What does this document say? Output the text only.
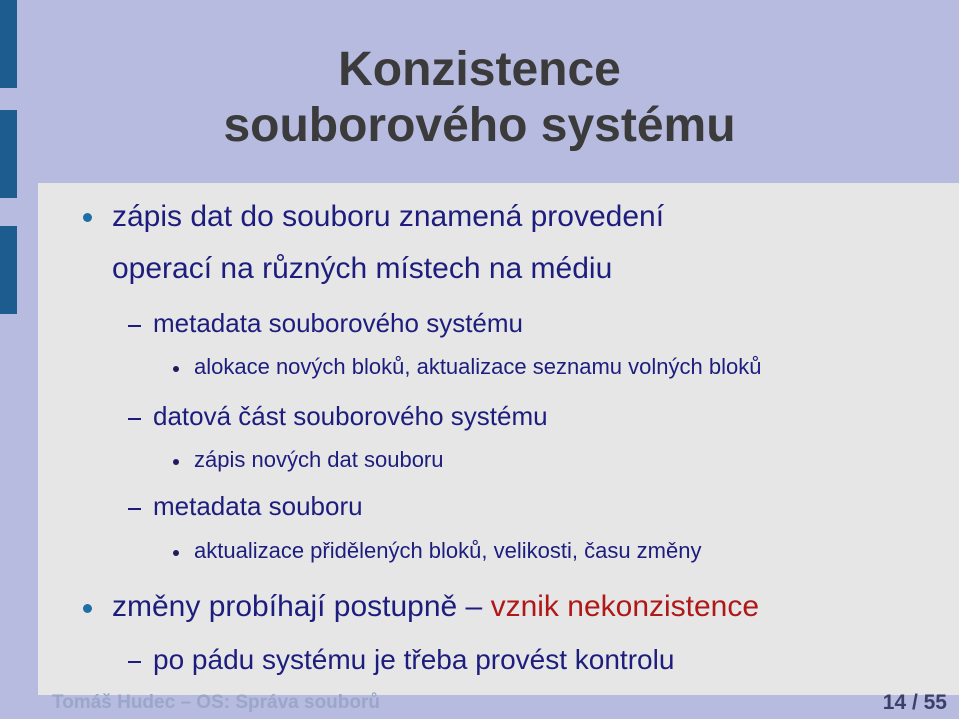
Konzistence
souborového systému
zápis dat do souboru znamená provedení
operací na různých místech na médiu
metadata souborového systému
alokace nových bloků, aktualizace seznamu volných bloků
datová část souborového systému
zápis nových dat souboru
metadata souboru
aktualizace přidělených bloků, velikosti, času změny
změny probíhají postupně – vznik nekonzistence
po pádu systému je třeba provést kontrolu
Tomáš Hudec – OS: Správa souborů	14 / 55
